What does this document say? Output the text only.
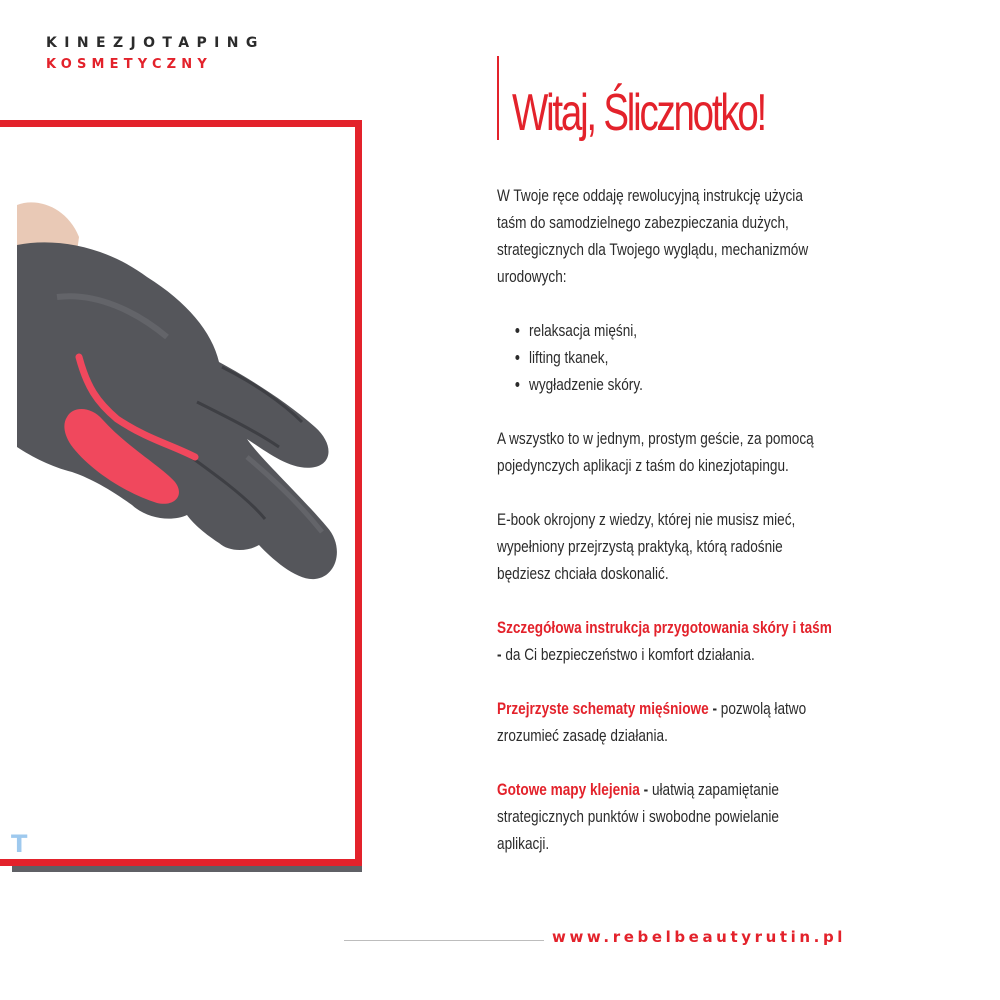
KINEZJOTAPING
KOSMETYCZNY
T
Witaj, Ślicznotko!

W Twoje ręce oddaję rewolucyjną instrukcję użycia taśm do samodzielnego zabezpieczania dużych, strategicznych dla Twojego wyglądu, mechanizmów urodowych:

• relaksacja mięśni,
• lifting tkanek,
• wygładzenie skóry.

A wszystko to w jednym, prostym geście, za pomocą pojedynczych aplikacji z taśm do kinezjotapingu.

E-book okrojony z wiedzy, której nie musisz mieć, wypełniony przejrzystą praktyką, którą radośnie będziesz chciała doskonalić.

Szczegółowa instrukcja przygotowania skóry i taśm - da Ci bezpieczeństwo i komfort działania.

Przejrzyste schematy mięśniowe - pozwolą łatwo zrozumieć zasadę działania.

Gotowe mapy klejenia - ułatwią zapamiętanie strategicznych punktów i swobodne powielanie aplikacji.

www.rebelbeautyrutin.pl
